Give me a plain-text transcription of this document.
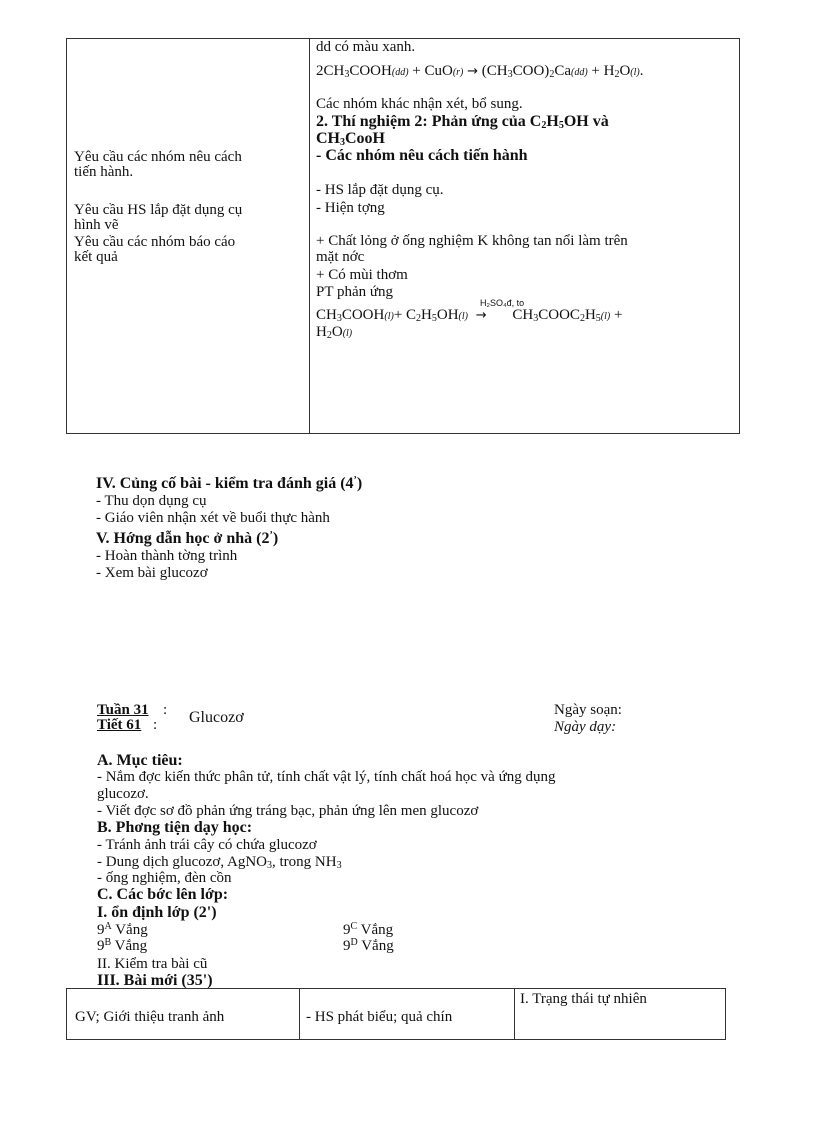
Yêu cầu các nhóm nêu cách
tiến hành.
Yêu cầu HS lắp đặt dụng cụ
hình vẽ
Yêu cầu các nhóm báo cáo
kết quả
dd có màu xanh.
$2CH_3COOH(dd) + CuO(r) \to (CH_3COO)_2Ca(dd) + H_2O(l)$.
Các nhóm khác nhận xét, bổ sung.
2. Thí nghiệm 2: Phản ứng của $C_2H_5OH$ và
$CH_3CooH$
- Các nhóm nêu cách tiến hành
- HS lắp đặt dụng cụ.
- Hiện tợng
+ Chất lỏng ở ống nghiệm K không tan nổi làm trên
mặt nớc
+ Có mùi thơm
PT phản ứng
H₂SO₄đ, to
$CH_3COOH(l)+ C_2H_5OH(l)$ → $CH_3COOC_2H_5(l)$ +
$H_2O(l)$
IV. Củng cố bài - kiểm tra đánh giá (4’)
- Thu dọn dụng cụ
- Giáo viên nhận xét về buổi thực hành
V. Hớng dẫn học ở nhà (2’)
- Hoàn thành tờng trình
- Xem bài glucozơ
Tuần 31 :
Tiết 61 : Glucozơ	Ngày soạn:
Ngày dạy:
A. Mục tiêu:
- Nắm đợc kiến thức phân tử, tính chất vật lý, tính chất hoá học và ứng dụng
glucozơ.
- Viết đợc sơ đồ phản ứng tráng bạc, phản ứng lên men glucozơ
B. Phơng tiện dạy học:
- Tránh ảnh trái cây có chứa glucozơ
- Dung dịch glucozơ, AgNO$_3$, trong $NH_3$
- ống nghiệm, đèn cồn
C. Các bớc lên lớp:
I. ổn định lớp (2')
$9^A$ Vắng
$9^B$ Vắng
$9^C$ Vắng
$9^D$ Vắng
II. Kiểm tra bài cũ
III. Bài mới (35')
GV; Giới thiệu tranh ảnh	- HS phát biểu; quả chín
I. Trạng thái tự nhiên
